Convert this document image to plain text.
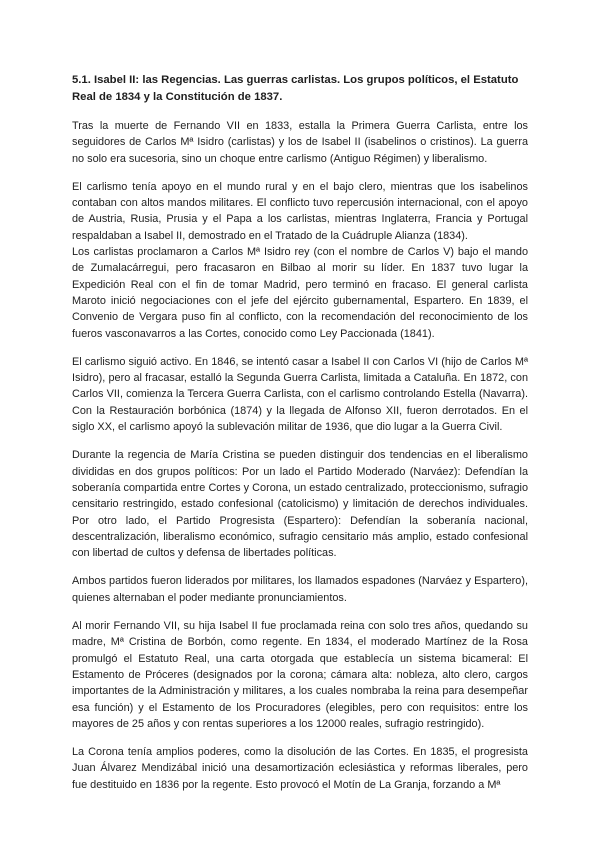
5.1. Isabel II: las Regencias. Las guerras carlistas. Los grupos políticos, el Estatuto Real de 1834 y la Constitución de 1837.

Tras la muerte de Fernando VII en 1833, estalla la Primera Guerra Carlista, entre los seguidores de Carlos Mª Isidro (carlistas) y los de Isabel II (isabelinos o cristinos). La guerra no solo era sucesoria, sino un choque entre carlismo (Antiguo Régimen) y liberalismo.

El carlismo tenía apoyo en el mundo rural y en el bajo clero, mientras que los isabelinos contaban con altos mandos militares. El conflicto tuvo repercusión internacional, con el apoyo de Austria, Rusia, Prusia y el Papa a los carlistas, mientras Inglaterra, Francia y Portugal respaldaban a Isabel II, demostrado en el Tratado de la Cuádruple Alianza (1834).

Los carlistas proclamaron a Carlos Mª Isidro rey (con el nombre de Carlos V) bajo el mando de Zumalacárregui, pero fracasaron en Bilbao al morir su líder. En 1837 tuvo lugar la Expedición Real con el fin de tomar Madrid, pero terminó en fracaso. El general carlista Maroto inició negociaciones con el jefe del ejército gubernamental, Espartero. En 1839, el Convenio de Vergara puso fin al conflicto, con la recomendación del reconocimiento de los fueros vasconavarros a las Cortes, conocido como Ley Paccionada (1841).

El carlismo siguió activo. En 1846, se intentó casar a Isabel II con Carlos VI (hijo de Carlos Mª Isidro), pero al fracasar, estalló la Segunda Guerra Carlista, limitada a Cataluña. En 1872, con Carlos VII, comienza la Tercera Guerra Carlista, con el carlismo controlando Estella (Navarra). Con la Restauración borbónica (1874) y la llegada de Alfonso XII, fueron derrotados. En el siglo XX, el carlismo apoyó la sublevación militar de 1936, que dio lugar a la Guerra Civil.

Durante la regencia de María Cristina se pueden distinguir dos tendencias en el liberalismo divididas en dos grupos políticos: Por un lado el Partido Moderado (Narváez): Defendían la soberanía compartida entre Cortes y Corona, un estado centralizado, proteccionismo, sufragio censitario restringido, estado confesional (catolicismo) y limitación de derechos individuales. Por otro lado, el Partido Progresista (Espartero): Defendían la soberanía nacional, descentralización, liberalismo económico, sufragio censitario más amplio, estado confesional con libertad de cultos y defensa de libertades políticas.

Ambos partidos fueron liderados por militares, los llamados espadones (Narváez y Espartero), quienes alternaban el poder mediante pronunciamientos.

Al morir Fernando VII, su hija Isabel II fue proclamada reina con solo tres años, quedando su madre, Mª Cristina de Borbón, como regente. En 1834, el moderado Martínez de la Rosa promulgó el Estatuto Real, una carta otorgada que establecía un sistema bicameral: El Estamento de Próceres (designados por la corona; cámara alta: nobleza, alto clero, cargos importantes de la Administración y militares, a los cuales nombraba la reina para desempeñar esa función) y el Estamento de los Procuradores (elegibles, pero con requisitos: entre los mayores de 25 años y con rentas superiores a los 12000 reales, sufragio restringido).

La Corona tenía amplios poderes, como la disolución de las Cortes. En 1835, el progresista Juan Álvarez Mendizábal inició una desamortización eclesiástica y reformas liberales, pero fue destituido en 1836 por la regente. Esto provocó el Motín de La Granja, forzando a Mª
